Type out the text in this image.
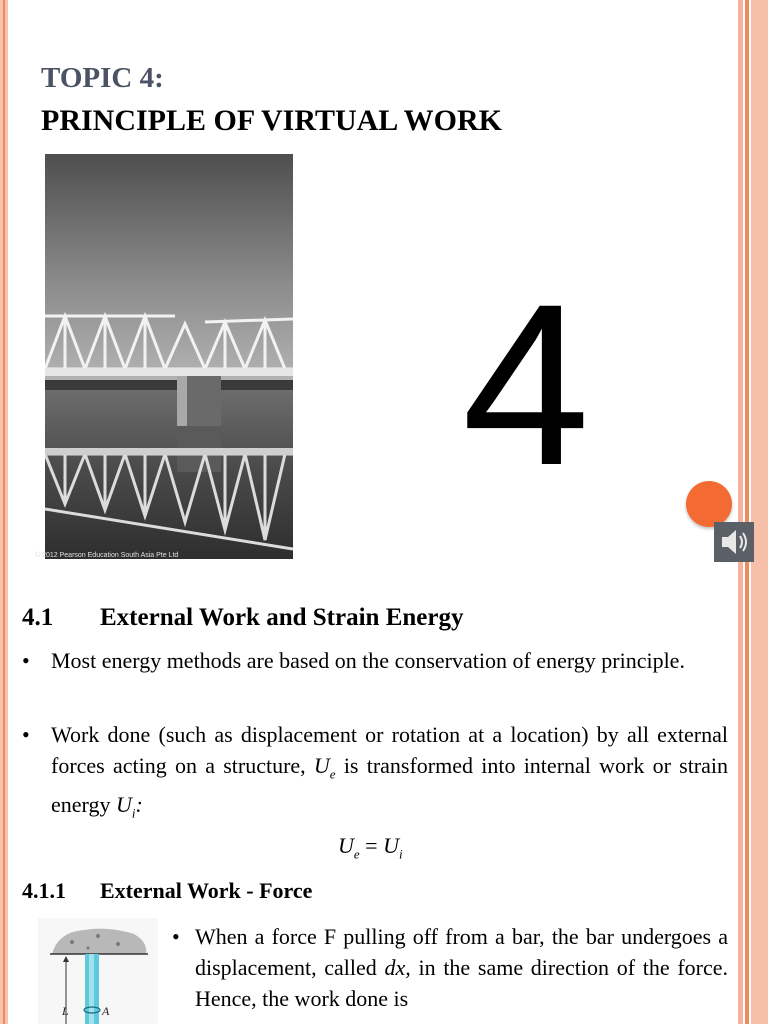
TOPIC 4:
PRINCIPLE OF VIRTUAL WORK
© 2012 Pearson Education South Asia Pte Ltd
4
4.1 External Work and Strain Energy
• Most energy methods are based on the conservation of energy principle.
• Work done (such as displacement or rotation at a location) by all external forces acting on a structure, $U_e$ is transformed into internal work or strain energy $U_i$:
$U_e = U_i$
4.1.1 External Work - Force
L	A
• When a force F pulling off from a bar, the bar undergoes a displacement, called dx, in the same direction of the force. Hence, the work done is
